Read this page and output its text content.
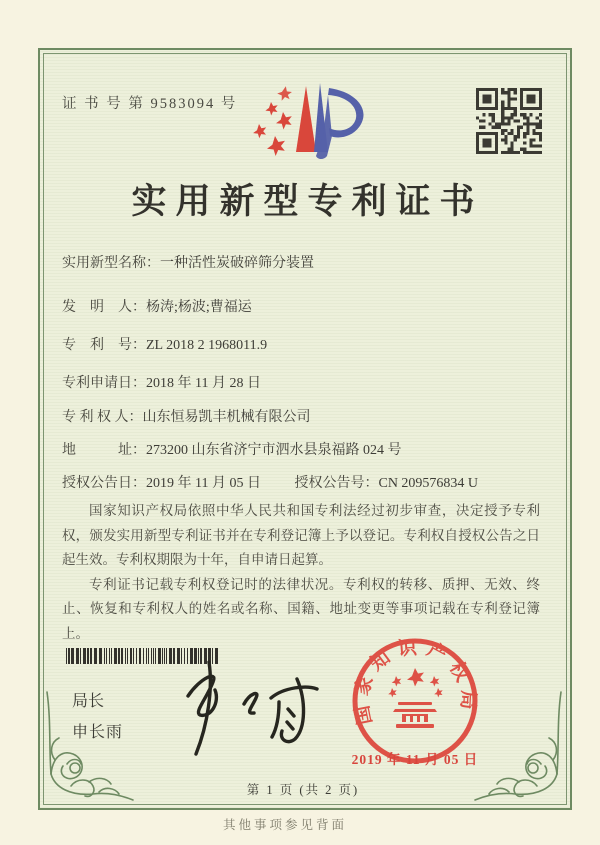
证 书 号 第 9583094 号
实用新型专利证书
实用新型名称：一种活性炭破碎筛分装置
发　明　人：杨涛;杨波;曹福运
专　利　号：ZL 2018 2 1968011.9
专利申请日：2018 年 11 月 28 日
专 利 权 人：山东恒易凯丰机械有限公司
地　　　址：273200 山东省济宁市泗水县泉福路 024 号
授权公告日：2019 年 11 月 05 日 授权公告号：CN 209576834 U

国家知识产权局依照中华人民共和国专利法经过初步审查，决定授予专利权，颁发实用新型专利证书并在专利登记簿上予以登记。专利权自授权公告之日起生效。专利权期限为十年，自申请日起算。

专利证书记载专利权登记时的法律状况。专利权的转移、质押、无效、终止、恢复和专利权人的姓名或名称、国籍、地址变更等事项记载在专利登记簿上。

局长
申长雨
国家知识产权局
2019 年 11 月 05 日
第 1 页 (共 2 页)
其他事项参见背面
